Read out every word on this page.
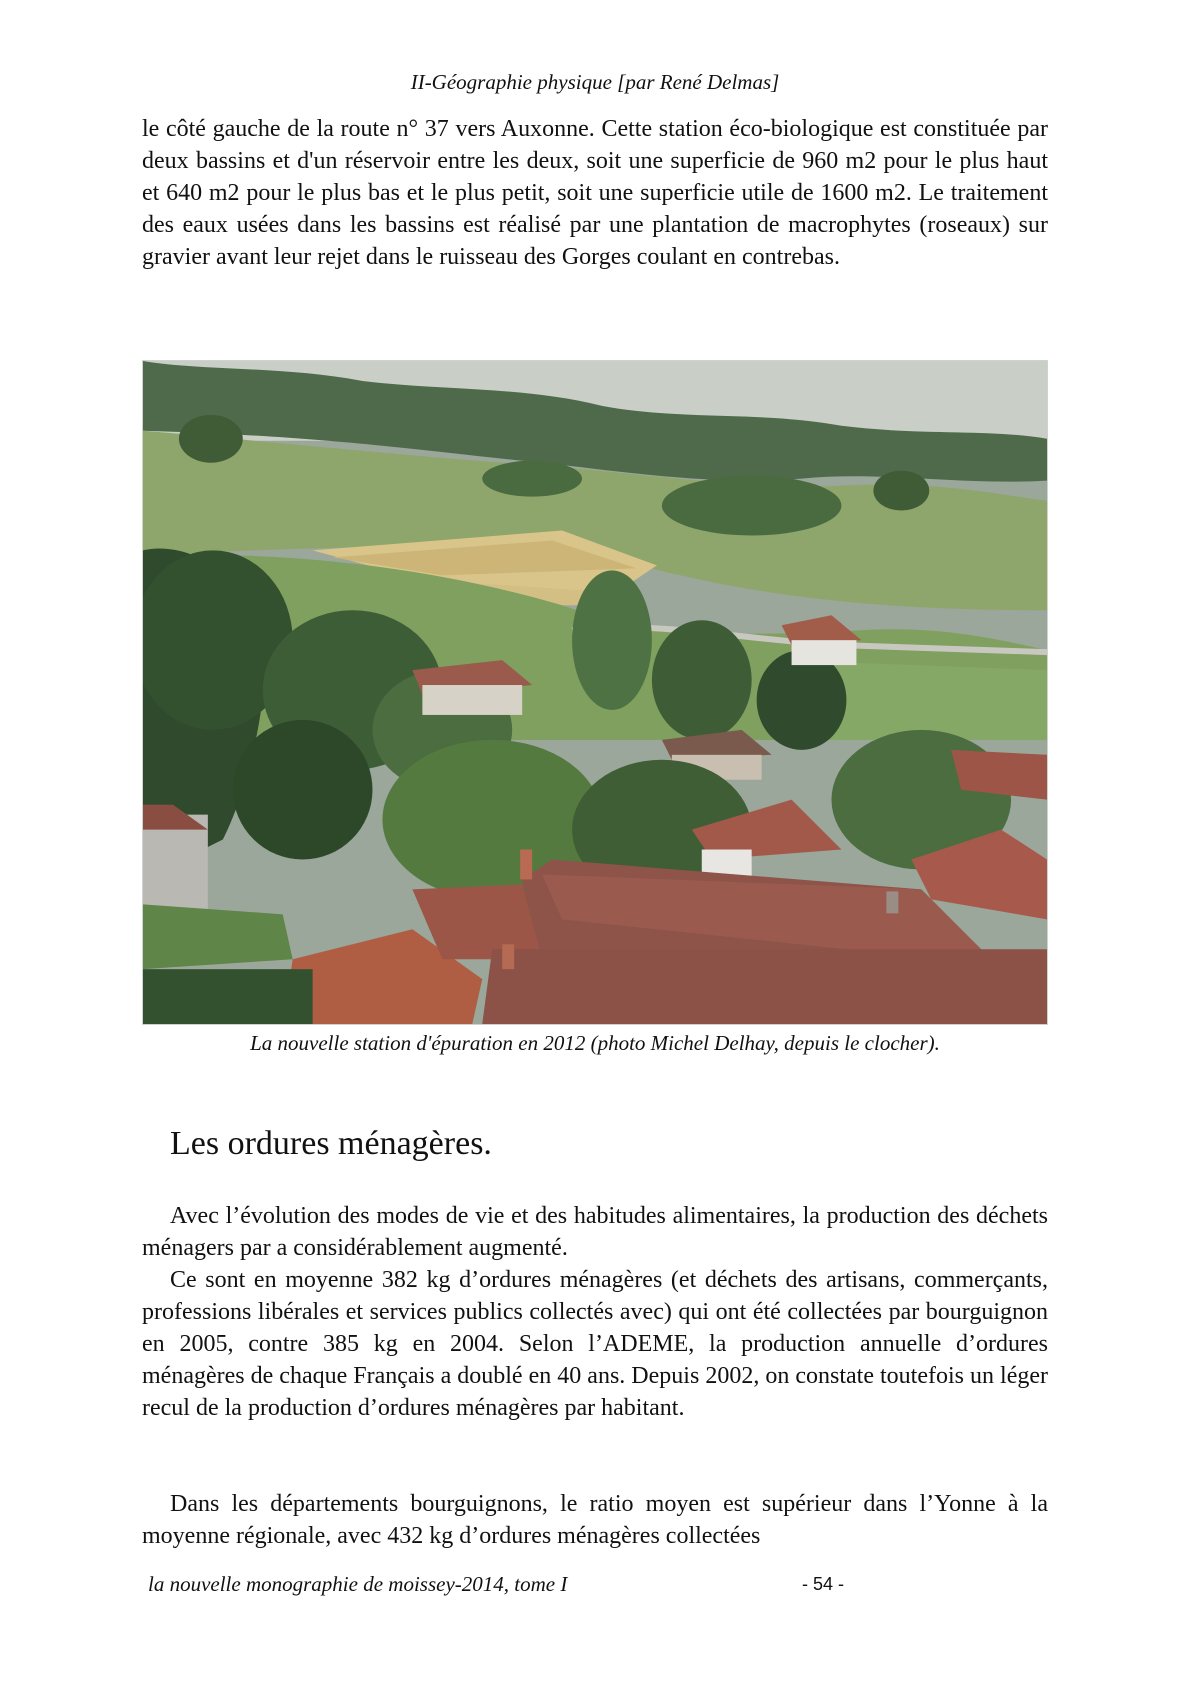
II-Géographie physique [par René Delmas]

le côté gauche de la route n° 37 vers Auxonne. Cette station éco-biologique est constituée par deux bassins et d'un réservoir entre les deux, soit une superficie de 960 m2 pour le plus haut et 640 m2 pour le plus bas et le plus petit, soit une superficie utile de 1600 m2. Le traitement des eaux usées dans les bassins est réalisé par une plantation de macrophytes (roseaux) sur gravier avant leur rejet dans le ruisseau des Gorges coulant en contrebas.

La nouvelle station d'épuration en 2012 (photo Michel Delhay, depuis le clocher).
Les ordures ménagères.

Avec l’évolution des modes de vie et des habitudes alimentaires, la production des déchets ménagers par a considérablement augmenté.

Ce sont en moyenne 382 kg d’ordures ménagères (et déchets des artisans, commerçants, professions libérales et services publics collectés avec) qui ont été collectées par bourguignon en 2005, contre 385 kg en 2004. Selon l’ADEME, la production annuelle d’ordures ménagères de chaque Français a doublé en 40 ans. Depuis 2002, on constate toutefois un léger recul de la production d’ordures ménagères par habitant.

Dans les départements bourguignons, le ratio moyen est supérieur dans l’Yonne à la moyenne régionale, avec 432 kg d’ordures ménagères collectées

la nouvelle monographie de moissey-2014, tome I	- 54 -
